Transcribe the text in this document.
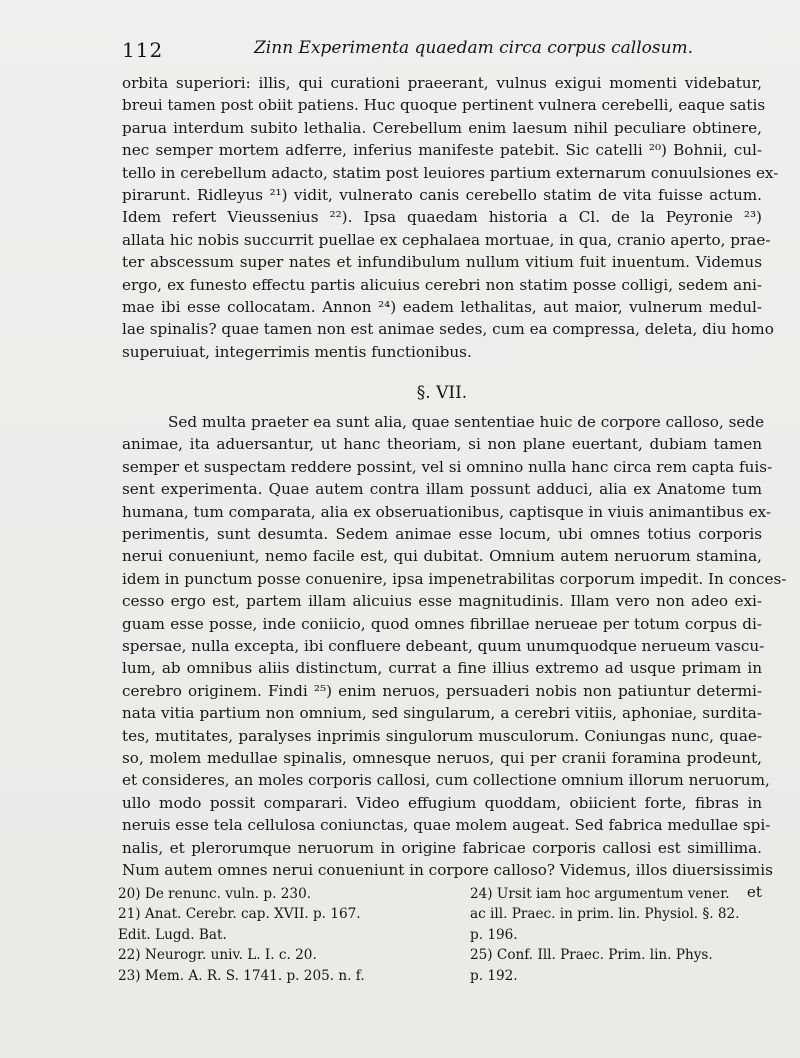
112	Zinn Experimenta quaedam circa corpus callosum.
orbita superiori: illis, qui curationi praeerant, vulnus exigui momenti videbatur,
breui tamen post obiit patiens. Huc quoque pertinent vulnera cerebelli, eaque satis
parua interdum subito lethalia. Cerebellum enim laesum nihil peculiare obtinere,
nec semper mortem adferre, inferius manifeste patebit. Sic catelli ²⁰) Bohnii, cul-
tello in cerebellum adacto, statim post leuiores partium externarum conuulsiones ex-
pirarunt. Ridleyus ²¹) vidit, vulnerato canis cerebello statim de vita fuisse actum.
Idem refert Vieussenius ²²). Ipsa quaedam historia a Cl. de la Peyronie ²³)
allata hic nobis succurrit puellae ex cephalaea mortuae, in qua, cranio aperto, prae-
ter abscessum super nates et infundibulum nullum vitium fuit inuentum. Videmus
ergo, ex funesto effectu partis alicuius cerebri non statim posse colligi, sedem ani-
mae ibi esse collocatam. Annon ²⁴) eadem lethalitas, aut maior, vulnerum medul-
lae spinalis? quae tamen non est animae sedes, cum ea compressa, deleta, diu homo
superuiuat, integerrimis mentis functionibus.
§. VII.
Sed multa praeter ea sunt alia, quae sententiae huic de corpore calloso, sede
animae, ita aduersantur, ut hanc theoriam, si non plane euertant, dubiam tamen
semper et suspectam reddere possint, vel si omnino nulla hanc circa rem capta fuis-
sent experimenta. Quae autem contra illam possunt adduci, alia ex Anatome tum
humana, tum comparata, alia ex obseruationibus, captisque in viuis animantibus ex-
perimentis, sunt desumta. Sedem animae esse locum, ubi omnes totius corporis
nerui conueniunt, nemo facile est, qui dubitat. Omnium autem neruorum stamina,
idem in punctum posse conuenire, ipsa impenetrabilitas corporum impedit. In conces-
cesso ergo est, partem illam alicuius esse magnitudinis. Illam vero non adeo exi-
guam esse posse, inde coniicio, quod omnes fibrillae nerueae per totum corpus di-
spersae, nulla excepta, ibi confluere debeant, quum unumquodque nerueum vascu-
lum, ab omnibus aliis distinctum, currat a fine illius extremo ad usque primam in
cerebro originem. Findi ²⁵) enim neruos, persuaderi nobis non patiuntur determi-
nata vitia partium non omnium, sed singularum, a cerebri vitiis, aphoniae, surdita-
tes, mutitates, paralyses inprimis singulorum musculorum. Coniungas nunc, quae-
so, molem medullae spinalis, omnesque neruos, qui per cranii foramina prodeunt,
et consideres, an moles corporis callosi, cum collectione omnium illorum neruorum,
ullo modo possit comparari. Video effugium quoddam, obiicient forte, fibras in
neruis esse tela cellulosa coniunctas, quae molem augeat. Sed fabrica medullae spi-
nalis, et plerorumque neruorum in origine fabricae corporis callosi est simillima.
Num autem omnes nerui conueniunt in corpore calloso? Videmus, illos diuersissimis
et
20) De renunc. vuln. p. 230.
21) Anat. Cerebr. cap. XVII. p. 167.
Edit. Lugd. Bat.
22) Neurogr. univ. L. I. c. 20.
23) Mem. A. R. S. 1741. p. 205. n. f.
24) Ursit iam hoc argumentum vener.
ac ill. Praec. in prim. lin. Physiol. §. 82.
p. 196.
25) Conf. Ill. Praec. Prim. lin. Phys.
p. 192.
